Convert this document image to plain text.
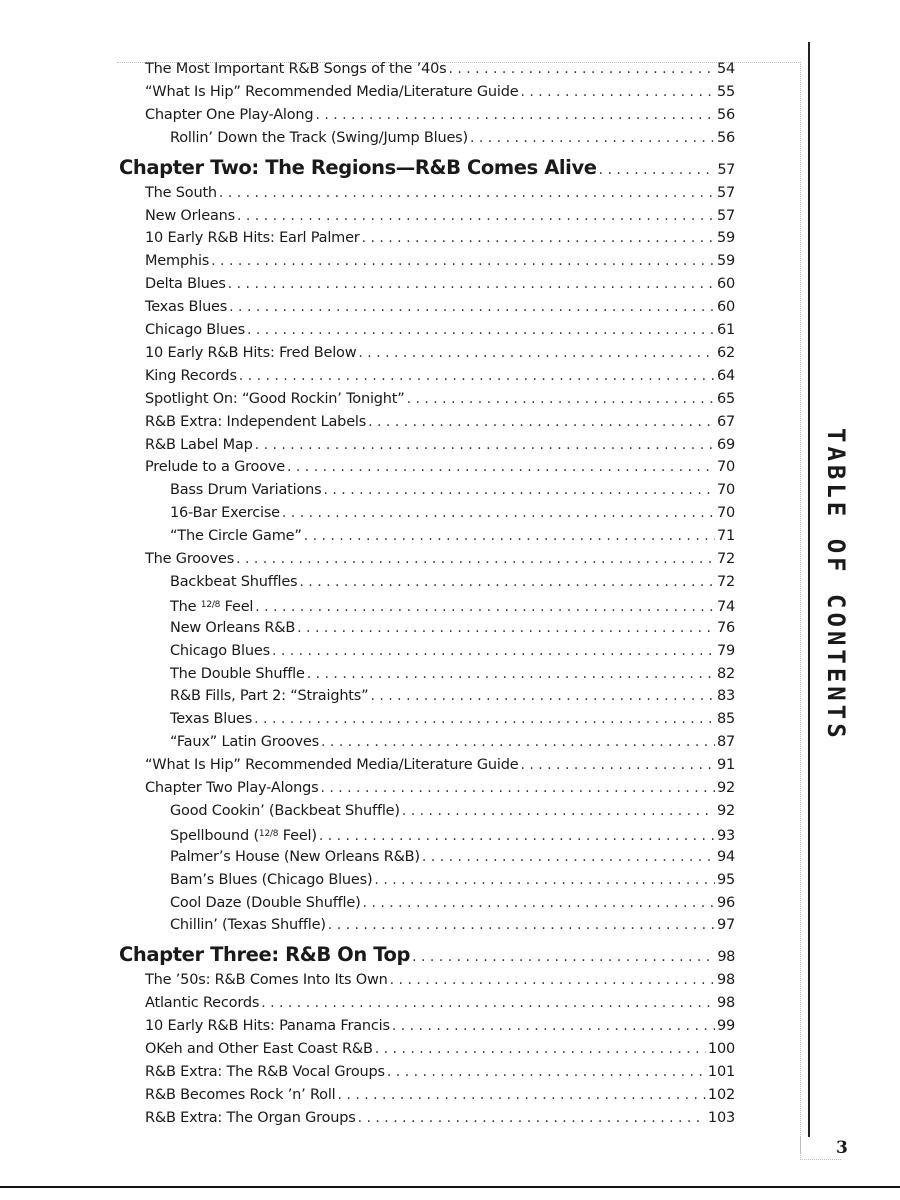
The Most Important R&B Songs of the ’40s . . .	54
“What Is Hip” Recommended Media/Literature Guide . . .	55
Chapter One Play-Along . . .	56
Rollin’ Down the Track (Swing/Jump Blues) . . .	56
Chapter Two: The Regions—R&B Comes Alive . . .	57
The South . . .	57
New Orleans . . .	57
10 Early R&B Hits: Earl Palmer . . .	59
Memphis . . .	59
Delta Blues . . .	60
Texas Blues . . .	60
Chicago Blues . . .	61
10 Early R&B Hits: Fred Below . . .	62
King Records . . .	64
Spotlight On: “Good Rockin’ Tonight” . . .	65
R&B Extra: Independent Labels . . .	67
R&B Label Map . . .	69
Prelude to a Groove . . .	70
Bass Drum Variations . . .	70
16-Bar Exercise . . .	70
“The Circle Game” . . .	71
The Grooves . . .	72
Backbeat Shuffles . . .	72
The $^{12/8}$ Feel . . .	74
New Orleans R&B . . .	76
Chicago Blues . . .	79
The Double Shuffle . . .	82
R&B Fills, Part 2: “Straights” . . .	83
Texas Blues . . .	85
“Faux” Latin Grooves . . .	87
“What Is Hip” Recommended Media/Literature Guide . . .	91
Chapter Two Play-Alongs . . .	92
Good Cookin’ (Backbeat Shuffle) . . .	92
Spellbound ($^{12/8}$ Feel) . . .	93
Palmer’s House (New Orleans R&B) . . .	94
Bam’s Blues (Chicago Blues) . . .	95
Cool Daze (Double Shuffle) . . .	96
Chillin’ (Texas Shuffle) . . .	97
Chapter Three: R&B On Top . . .	98
The ’50s: R&B Comes Into Its Own . . .	98
Atlantic Records . . .	98
10 Early R&B Hits: Panama Francis . . .	99
OKeh and Other East Coast R&B . . .	100
R&B Extra: The R&B Vocal Groups . . .	101
R&B Becomes Rock ’n’ Roll . . .	102
R&B Extra: The Organ Groups . . .	103
TABLE OF CONTENTS
3
